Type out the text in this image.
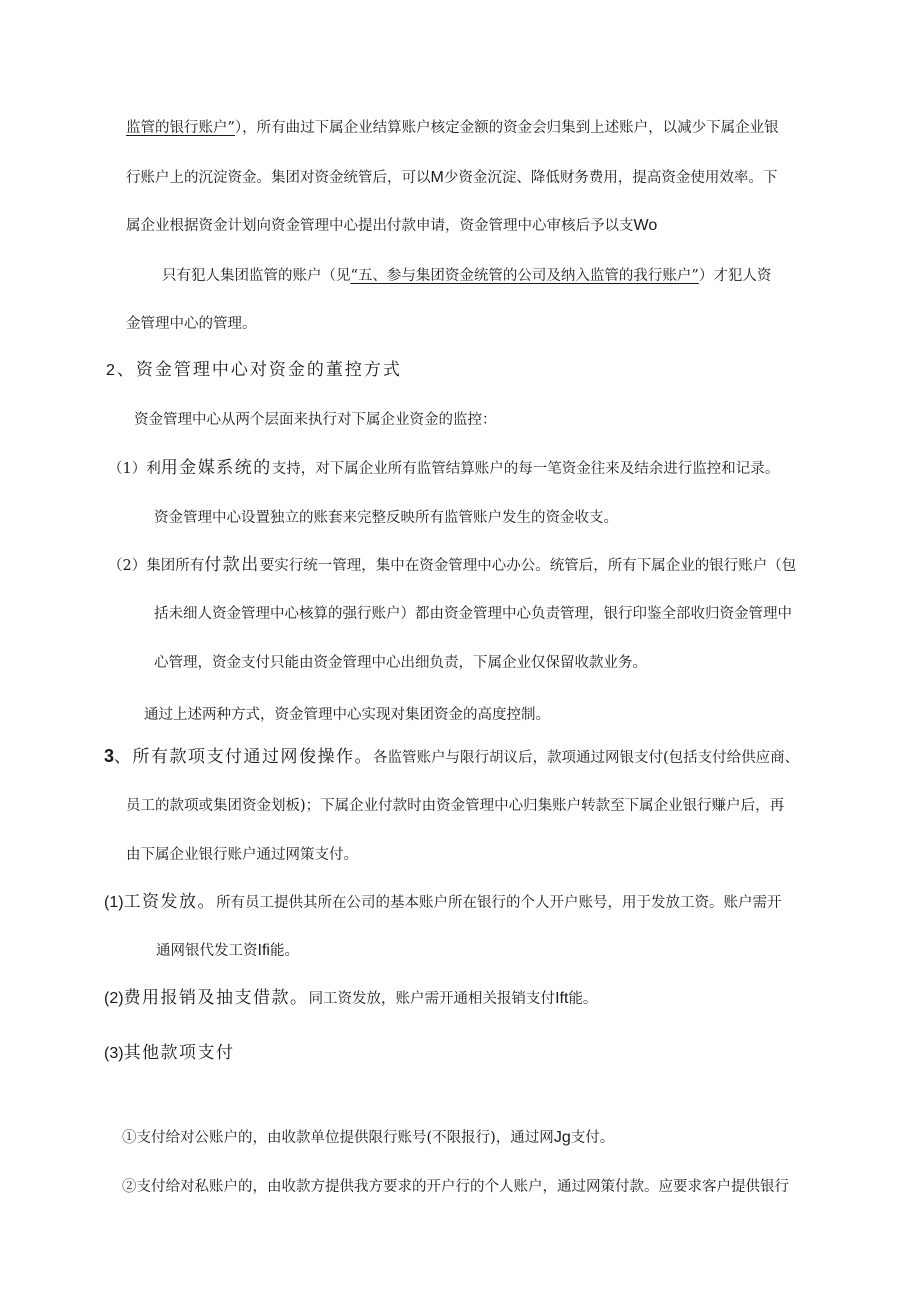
监管的银行账户”），所有曲过下属企业结算账户核定金额的资金会归集到上述账户，以减少下属企业银
行账户上的沉淀资金。集团对资金统管后，可以M少资金沉淀、降低财务费用，提高资金使用效率。下
属企业根据资金计划向资金管理中心提出付款申请，资金管理中心审核后予以支Wo
只有犯人集团监管的账户（见“五、参与集团资金统管的公司及纳入监管的我行账户”）才犯人资
金管理中心的管理。
2、资金管理中心对资金的董控方式
资金管理中心从两个层面来执行对下属企业资金的监控：
（1）利用金媒系统的支持，对下属企业所有监管结算账户的每一笔资金往来及结余进行监控和记录。
资金管理中心设置独立的账套来完整反映所有监管账户发生的资金收支。
（2）集团所有付款出要实行统一管理，集中在资金管理中心办公。统管后，所有下属企业的银行账户（包
括未细人资金管理中心核算的强行账户）都由资金管理中心负责管理，银行印鉴全部收归资金管理中
心管理，资金支付只能由资金管理中心出细负责，下属企业仅保留收款业务。
通过上述两种方式，资金管理中心实现对集团资金的高度控制。
3、所有款项支付通过网俊操作。各监管账户与限行胡议后，款项通过网银支付(包括支付给供应商、
员工的款项或集团资金划板)；下属企业付款时由资金管理中心归集账户转款至下属企业银行赚户后，再
由下属企业银行账户通过网策支付。
(1)工资发放。所有员工提供其所在公司的基本账户所在银行的个人开户账号，用于发放工资。账户需开
通网银代发工资Ifi能。
(2)费用报销及抽支借款。同工资发放，账户需开通相关报销支付Ift能。
(3)其他款项支付
①支付给对公账户的，由收款单位提供限行账号(不限报行)，通过网Jg支付。
②支付给对私账户的，由收款方提供我方要求的开户行的个人账户，通过网策付款。应要求客户提供银行
